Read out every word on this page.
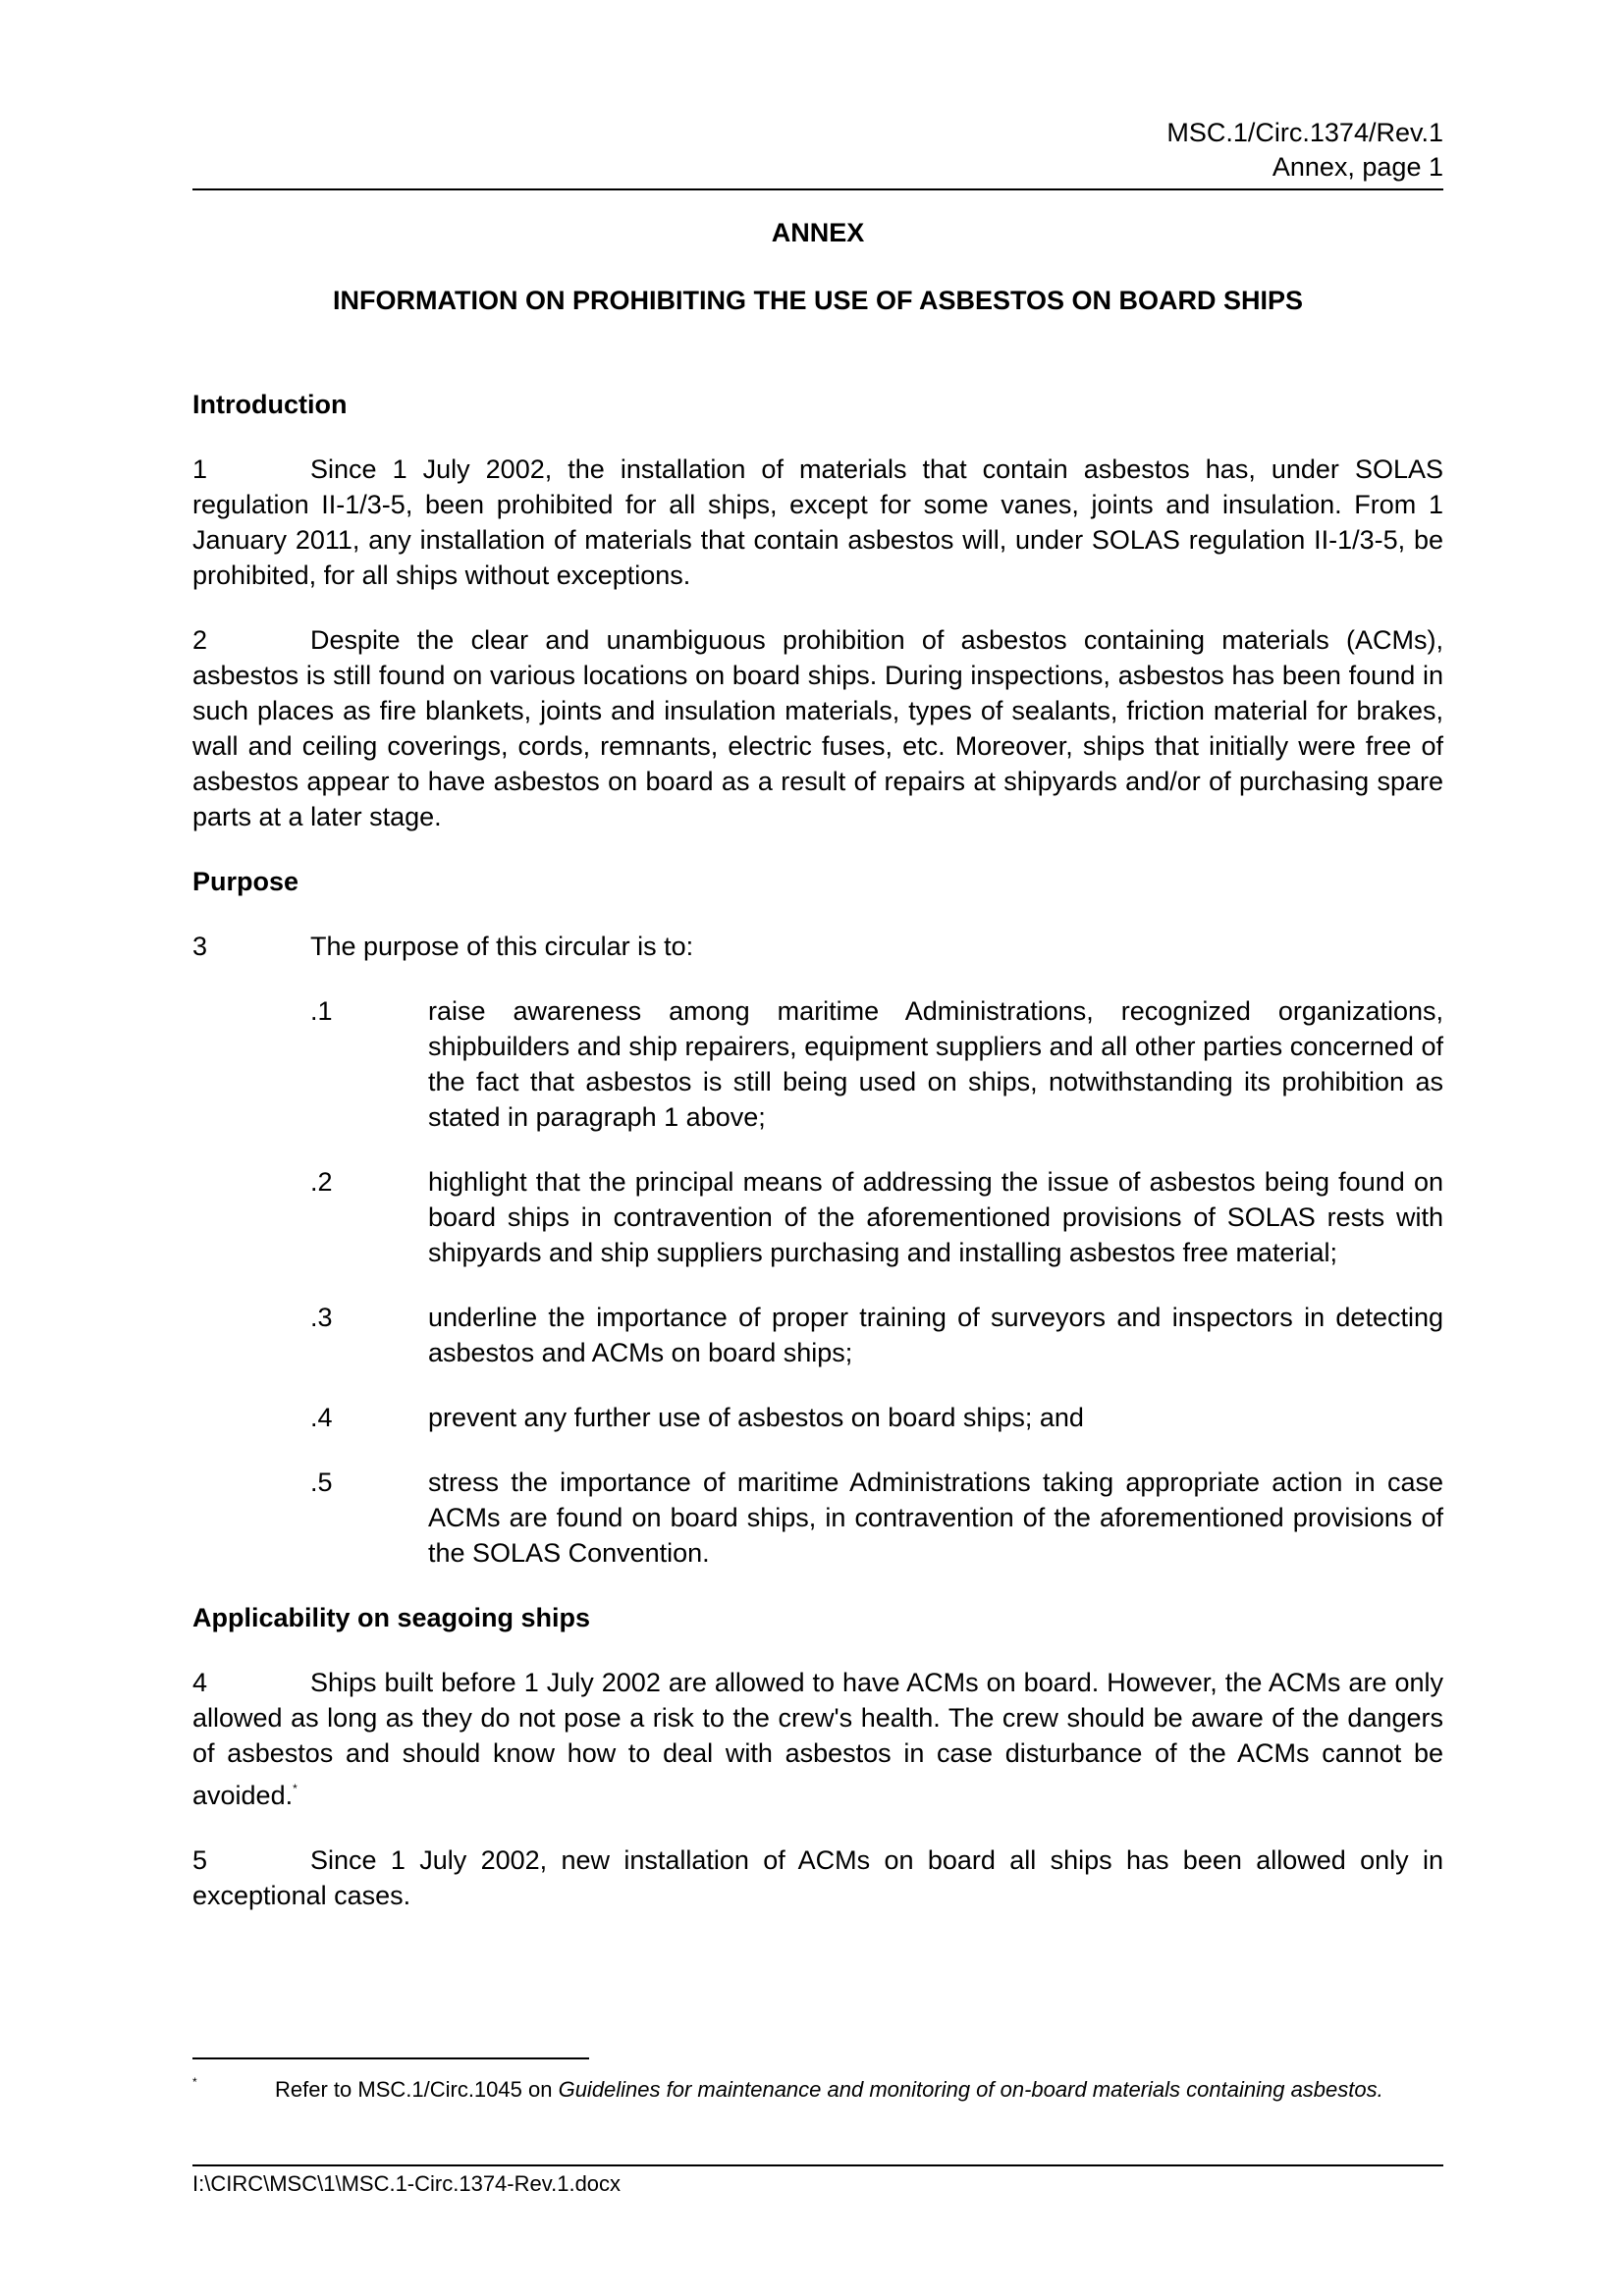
MSC.1/Circ.1374/Rev.1
Annex, page 1
ANNEX
INFORMATION ON PROHIBITING THE USE OF ASBESTOS ON BOARD SHIPS
Introduction
1	Since 1 July 2002, the installation of materials that contain asbestos has, under SOLAS regulation II-1/3-5, been prohibited for all ships, except for some vanes, joints and insulation. From 1 January 2011, any installation of materials that contain asbestos will, under SOLAS regulation II-1/3-5, be prohibited, for all ships without exceptions.
2	Despite the clear and unambiguous prohibition of asbestos containing materials (ACMs), asbestos is still found on various locations on board ships. During inspections, asbestos has been found in such places as fire blankets, joints and insulation materials, types of sealants, friction material for brakes, wall and ceiling coverings, cords, remnants, electric fuses, etc. Moreover, ships that initially were free of asbestos appear to have asbestos on board as a result of repairs at shipyards and/or of purchasing spare parts at a later stage.
Purpose
3	The purpose of this circular is to:
.1	raise awareness among maritime Administrations, recognized organizations, shipbuilders and ship repairers, equipment suppliers and all other parties concerned of the fact that asbestos is still being used on ships, notwithstanding its prohibition as stated in paragraph 1 above;
.2	highlight that the principal means of addressing the issue of asbestos being found on board ships in contravention of the aforementioned provisions of SOLAS rests with shipyards and ship suppliers purchasing and installing asbestos free material;
.3	underline the importance of proper training of surveyors and inspectors in detecting asbestos and ACMs on board ships;
.4	prevent any further use of asbestos on board ships; and
.5	stress the importance of maritime Administrations taking appropriate action in case ACMs are found on board ships, in contravention of the aforementioned provisions of the SOLAS Convention.
Applicability on seagoing ships
4	Ships built before 1 July 2002 are allowed to have ACMs on board. However, the ACMs are only allowed as long as they do not pose a risk to the crew's health. The crew should be aware of the dangers of asbestos and should know how to deal with asbestos in case disturbance of the ACMs cannot be avoided.*
5	Since 1 July 2002, new installation of ACMs on board all ships has been allowed only in exceptional cases.
*	Refer to MSC.1/Circ.1045 on Guidelines for maintenance and monitoring of on-board materials containing asbestos.
I:\CIRC\MSC\1\MSC.1-Circ.1374-Rev.1.docx
